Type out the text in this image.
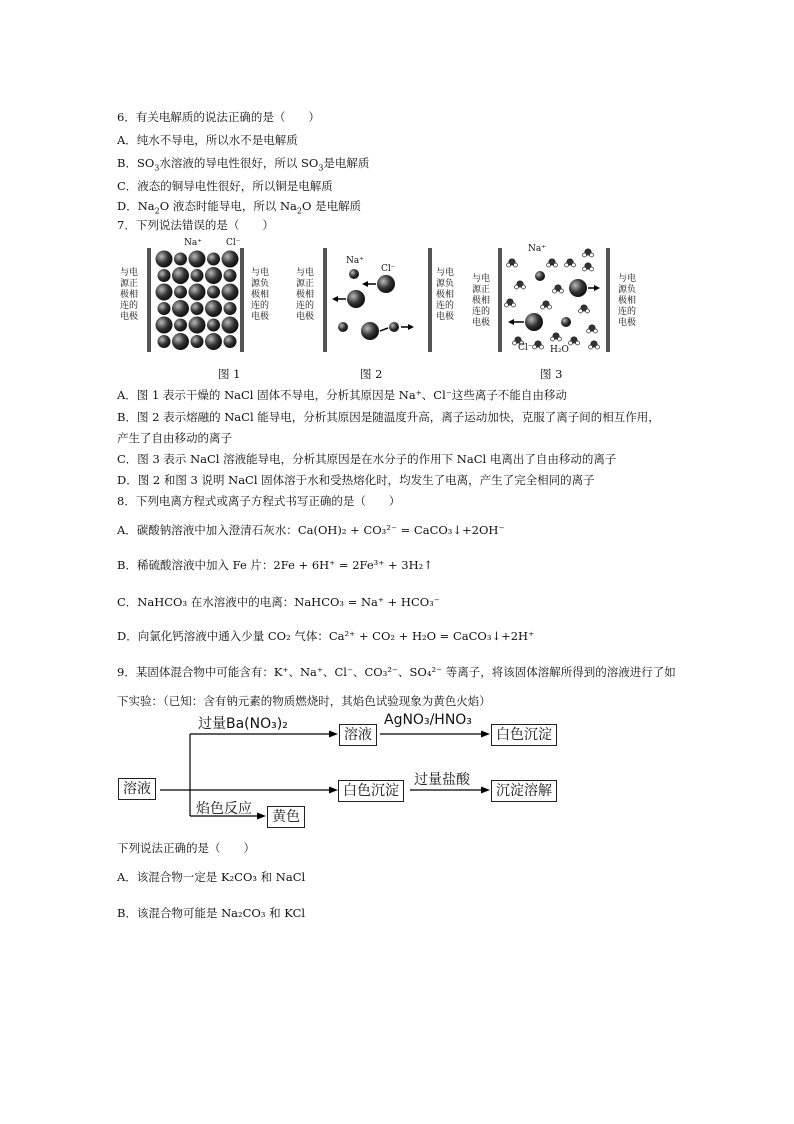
6．有关电解质的说法正确的是（　　）
A．纯水不导电，所以水不是电解质
B．$SO_3$水溶液的导电性很好，所以 $SO_3$是电解质
C．液态的铜导电性很好，所以铜是电解质
D．$Na_2O$ 液态时能导电，所以 $Na_2O$ 是电解质
7．下列说法错误的是（　　）
与电源正极相连的电极
与电源负极相连的电极
与电源正极相连的电极
与电源负极相连的电极
与电源正极相连的电极
与电源负极相连的电极
Na⁺	Cl⁻
Na⁺
Cl⁻
Na⁺
Cl⁻ H₂O
图 1	图 2	图 3
A．图 1 表示干燥的 NaCl 固体不导电，分析其原因是 Na⁺、Cl⁻这些离子不能自由移动
B．图 2 表示熔融的 NaCl 能导电，分析其原因是随温度升高，离子运动加快，克服了离子间的相互作用，
产生了自由移动的离子
C．图 3 表示 NaCl 溶液能导电，分析其原因是在水分子的作用下 NaCl 电离出了自由移动的离子
D．图 2 和图 3 说明 NaCl 固体溶于水和受热熔化时，均发生了电离，产生了完全相同的离子
8．下列电离方程式或离子方程式书写正确的是（　　）
A．碳酸钠溶液中加入澄清石灰水：Ca(OH)₂ + CO₃²⁻ = CaCO₃↓+2OH⁻
B．稀硫酸溶液中加入 Fe 片：2Fe + 6H⁺ = 2Fe³⁺ + 3H₂↑
C．NaHCO₃ 在水溶液中的电离：NaHCO₃ = Na⁺ + HCO₃⁻
D．向氯化钙溶液中通入少量 CO₂ 气体：Ca²⁺ + CO₂ + H₂O = CaCO₃↓+2H⁺
9．某固体混合物中可能含有：K⁺、Na⁺、Cl⁻、CO₃²⁻、SO₄²⁻ 等离子，将该固体溶解所得到的溶液进行了如
下实验：（已知：含有钠元素的物质燃烧时，其焰色试验现象为黄色火焰）
溶液
过量Ba(NO₃)₂
溶液
AgNO₃/HNO₃
白色沉淀
白色沉淀
过量盐酸
沉淀溶解
焰色反应	黄色
下列说法正确的是（　　）
A．该混合物一定是 K₂CO₃ 和 NaCl
B．该混合物可能是 Na₂CO₃ 和 KCl
